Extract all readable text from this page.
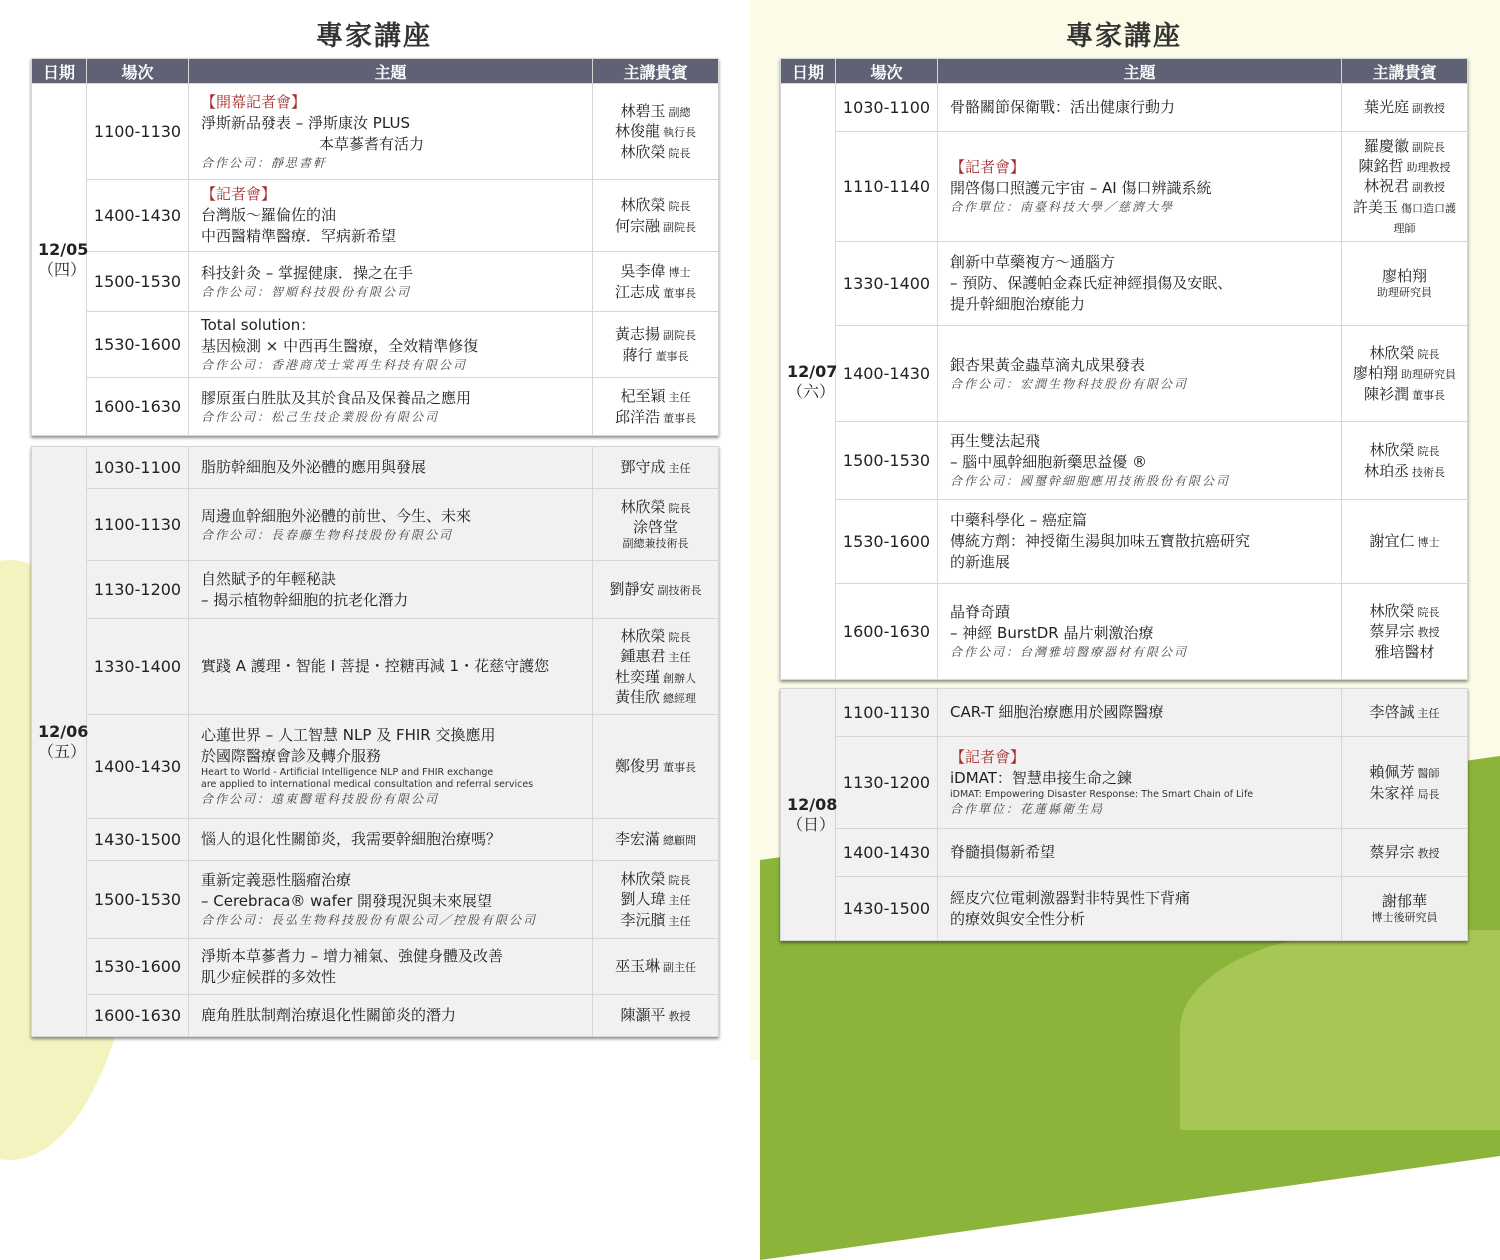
專家講座	專家講座
日期	場次	主題	主講貴賓

12/05
（四）	1100-1130	【開幕記者會】
淨斯新品發表 – 淨斯康汝 PLUS
本草蔘耆有活力
合作公司：靜思書軒	林碧玉 副總
林俊龍 執行長
林欣榮 院長

	1400-1430	【記者會】
台灣版～羅倫佐的油
中西醫精準醫療．罕病新希望	林欣榮 院長
何宗融 副院長

	1500-1530	科技針灸 – 掌握健康．操之在手
合作公司：智順科技股份有限公司	吳李偉 博士
江志成 董事長

	1530-1600	Total solution：
基因檢測 × 中西再生醫療，全效精準修復
合作公司：香港商茂士棠再生科技有限公司	黃志揚 副院長
蔣行 董事長

	1600-1630	膠原蛋白胜肽及其於食品及保養品之應用
合作公司：松己生技企業股份有限公司	杞至穎 主任
邱洋浩 董事長
12/06
（五）	1030-1100	脂肪幹細胞及外泌體的應用與發展	鄧守成 主任

	1100-1130	周邊血幹細胞外泌體的前世、今生、未來
合作公司：長春藤生物科技股份有限公司	林欣榮 院長
涂啓堂
副總兼技術長

	1130-1200	自然賦予的年輕秘訣
– 揭示植物幹細胞的抗老化潛力	劉靜安 副技術長

	1330-1400	實踐 A 護理・智能 I 菩提・控糖再減 1・花慈守護您	林欣榮 院長
鍾惠君 主任
杜奕瑾 創辦人
黃佳欣 總經理

	1400-1430	心蓮世界 – 人工智慧 NLP 及 FHIR 交換應用
於國際醫療會診及轉介服務
Heart to World - Artificial Intelligence NLP and FHIR exchange
are applied to international medical consultation and referral services
合作公司：遠東醫電科技股份有限公司	鄭俊男 董事長

	1430-1500	惱人的退化性關節炎，我需要幹細胞治療嗎？	李宏滿 總顧問

	1500-1530	重新定義惡性腦瘤治療
– Cerebraca® wafer 開發現況與未來展望
合作公司：長弘生物科技股份有限公司／控股有限公司	林欣榮 院長
劉人瑋 主任
李沅臏 主任

	1530-1600	淨斯本草蔘耆力 – 增力補氣、強健身體及改善
肌少症候群的多效性	巫玉琳 副主任

	1600-1630	鹿角胜肽制劑治療退化性關節炎的潛力	陳灝平 教授
日期	場次	主題	主講貴賓

12/07
（六）	1030-1100	骨骼關節保衛戰：活出健康行動力	葉光庭 副教授

	1110-1140	【記者會】
開啓傷口照護元宇宙 – AI 傷口辨識系統
合作單位：南臺科技大學／慈濟大學	羅慶徽 副院長
陳銘哲 助理教授
林祝君 副教授
許美玉 傷口造口護理師

	1330-1400	創新中草藥複方～通腦方
– 預防、保護帕金森氏症神經損傷及安眠、
提升幹細胞治療能力	廖柏翔
助理研究員

	1400-1430	銀杏果黃金蟲草滴丸成果發表
合作公司：宏潤生物科技股份有限公司	林欣榮 院長
廖柏翔 助理研究員
陳衫潤 董事長

	1500-1530	再生雙法起飛
– 腦中風幹細胞新藥思益優 ®
合作公司：國璽幹細胞應用技術股份有限公司	林欣榮 院長
林珀丞 技術長

	1530-1600	中藥科學化 – 癌症篇
傳統方劑：神授衛生湯與加味五寶散抗癌研究
的新進展	謝宜仁 博士

	1600-1630	晶脊奇蹟
– 神經 BurstDR 晶片刺激治療
合作公司：台灣雅培醫療器材有限公司	林欣榮 院長
蔡昇宗 教授
雅培醫材
12/08
（日）	1100-1130	CAR-T 細胞治療應用於國際醫療	李啓誠 主任

	1130-1200	【記者會】
iDMAT：智慧串接生命之鍊
iDMAT: Empowering Disaster Response: The Smart Chain of Life
合作單位：花蓮縣衛生局	賴佩芳 醫師
朱家祥 局長

	1400-1430	脊髓損傷新希望	蔡昇宗 教授

	1430-1500	經皮穴位電刺激器對非特異性下背痛
的療效與安全性分析	謝郁華
博士後研究員
